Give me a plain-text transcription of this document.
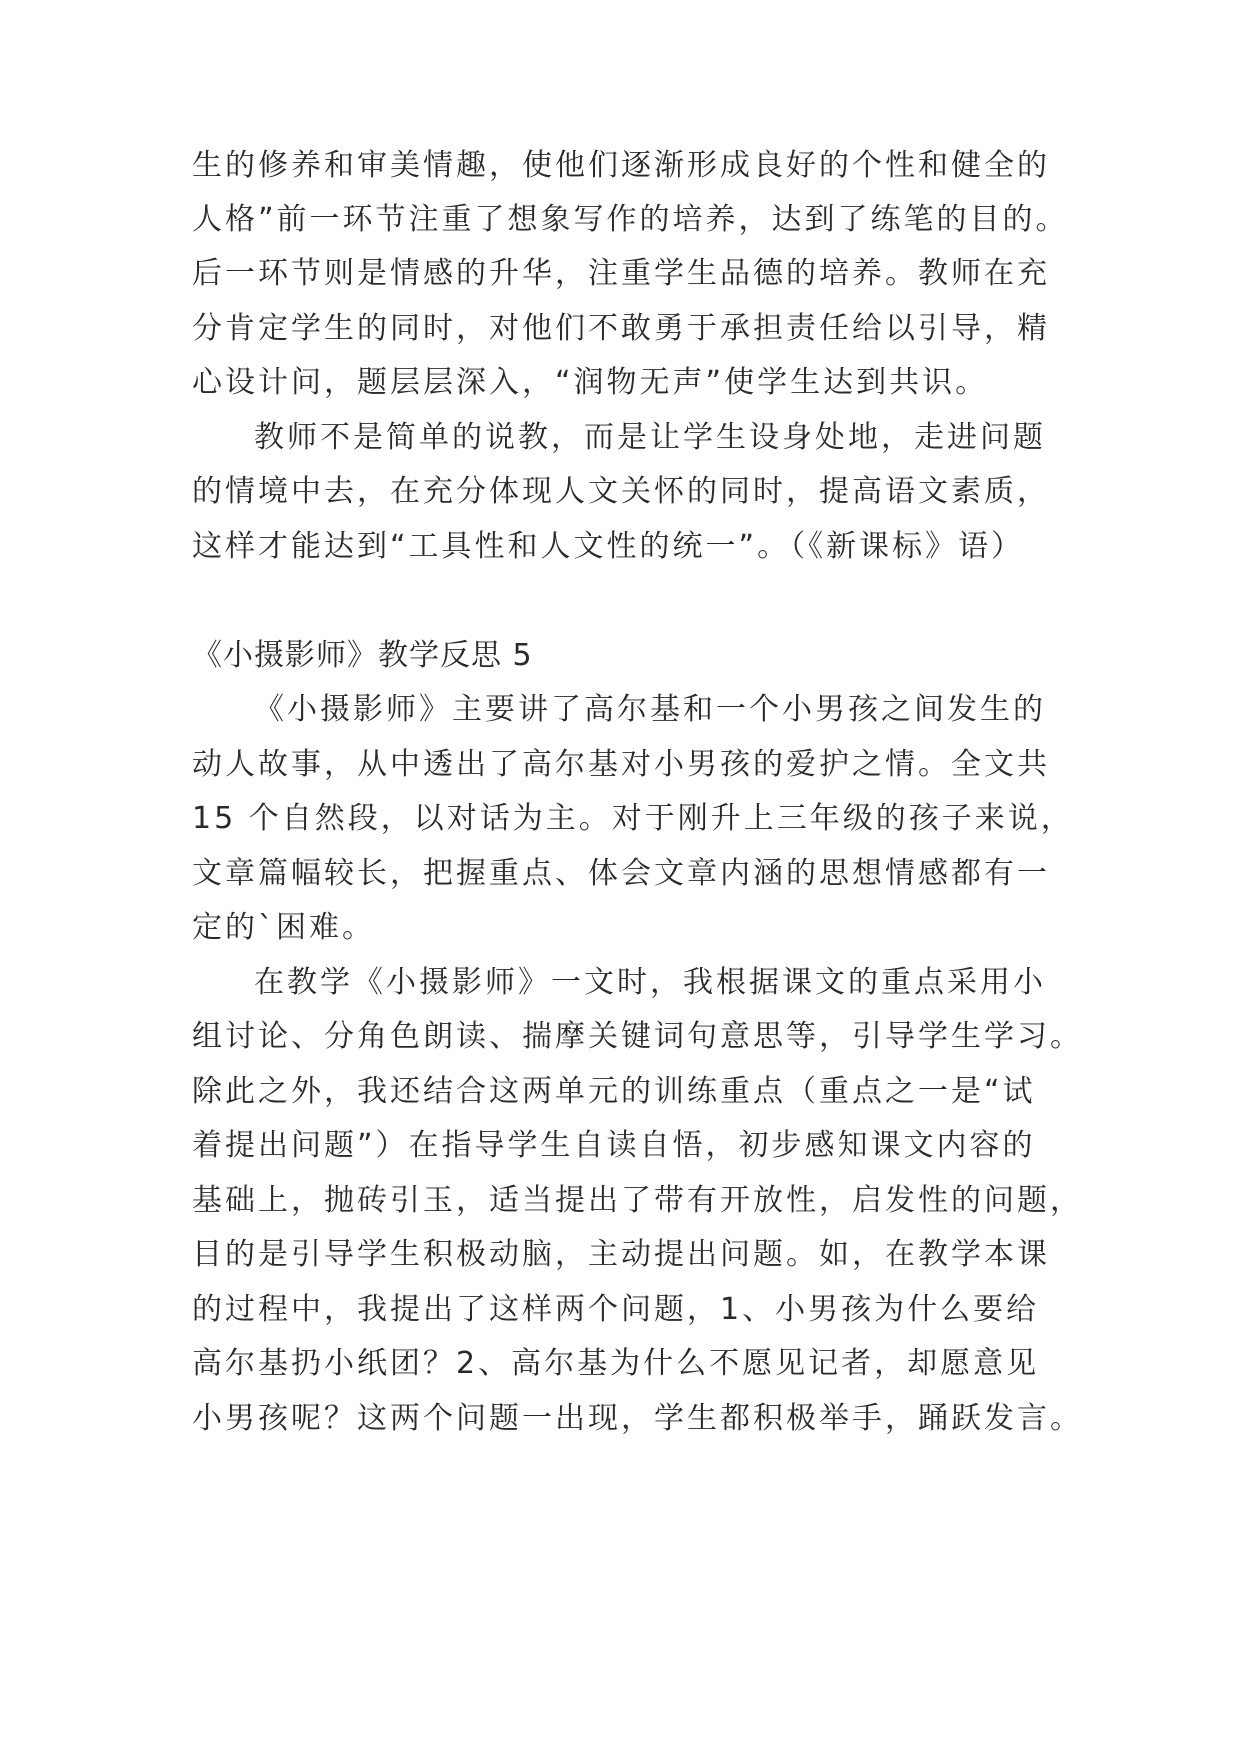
生的修养和审美情趣，使他们逐渐形成良好的个性和健全的

人格”前一环节注重了想象写作的培养，达到了练笔的目的。

后一环节则是情感的升华，注重学生品德的培养。教师在充

分肯定学生的同时，对他们不敢勇于承担责任给以引导，精

心设计问，题层层深入，“润物无声”使学生达到共识。

教师不是简单的说教，而是让学生设身处地，走进问题

的情境中去，在充分体现人文关怀的同时，提高语文素质，

这样才能达到“工具性和人文性的统一”。（《新课标》语）

《小摄影师》教学反思 5

《小摄影师》主要讲了高尔基和一个小男孩之间发生的

动人故事，从中透出了高尔基对小男孩的爱护之情。全文共

15 个自然段，以对话为主。对于刚升上三年级的孩子来说，

文章篇幅较长，把握重点、体会文章内涵的思想情感都有一

定的`困难。

在教学《小摄影师》一文时，我根据课文的重点采用小

组讨论、分角色朗读、揣摩关键词句意思等，引导学生学习。

除此之外，我还结合这两单元的训练重点（重点之一是“试

着提出问题”）在指导学生自读自悟，初步感知课文内容的

基础上，抛砖引玉，适当提出了带有开放性，启发性的问题，

目的是引导学生积极动脑，主动提出问题。如，在教学本课

的过程中，我提出了这样两个问题，1、小男孩为什么要给

高尔基扔小纸团？2、高尔基为什么不愿见记者，却愿意见

小男孩呢？这两个问题一出现，学生都积极举手，踊跃发言。
